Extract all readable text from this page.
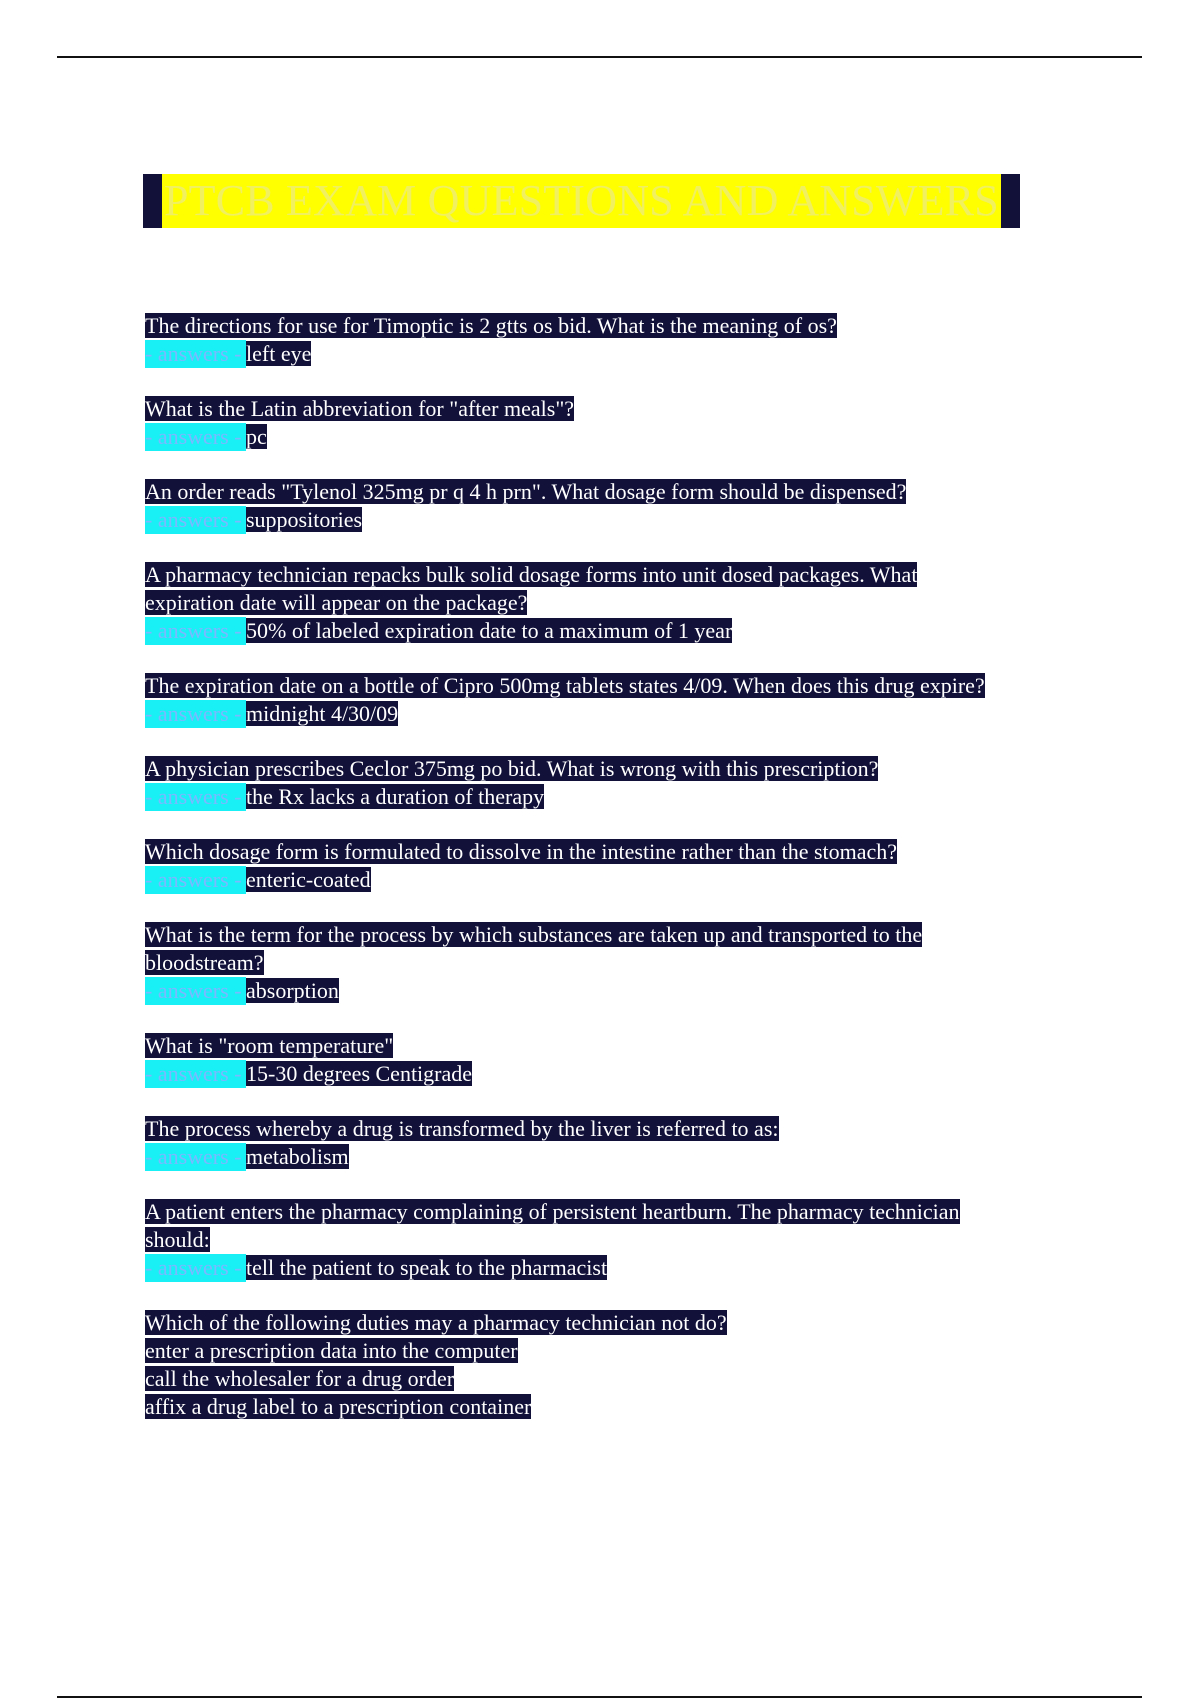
PTCB EXAM QUESTIONS AND ANSWERS
The directions for use for Timoptic is 2 gtts os bid. What is the meaning of os?
- answers - left eye
What is the Latin abbreviation for "after meals"?
- answers - pc
An order reads "Tylenol 325mg pr q 4 h prn". What dosage form should be dispensed?
- answers - suppositories
A pharmacy technician repacks bulk solid dosage forms into unit dosed packages. What
expiration date will appear on the package?
- answers - 50% of labeled expiration date to a maximum of 1 year
The expiration date on a bottle of Cipro 500mg tablets states 4/09. When does this drug expire?
- answers - midnight 4/30/09
A physician prescribes Ceclor 375mg po bid. What is wrong with this prescription?
- answers - the Rx lacks a duration of therapy
Which dosage form is formulated to dissolve in the intestine rather than the stomach?
- answers - enteric-coated
What is the term for the process by which substances are taken up and transported to the
bloodstream?
- answers - absorption
What is "room temperature"
- answers - 15-30 degrees Centigrade
The process whereby a drug is transformed by the liver is referred to as:
- answers - metabolism
A patient enters the pharmacy complaining of persistent heartburn. The pharmacy technician
should:
- answers - tell the patient to speak to the pharmacist
Which of the following duties may a pharmacy technician not do?
enter a prescription data into the computer
call the wholesaler for a drug order
affix a drug label to a prescription container
